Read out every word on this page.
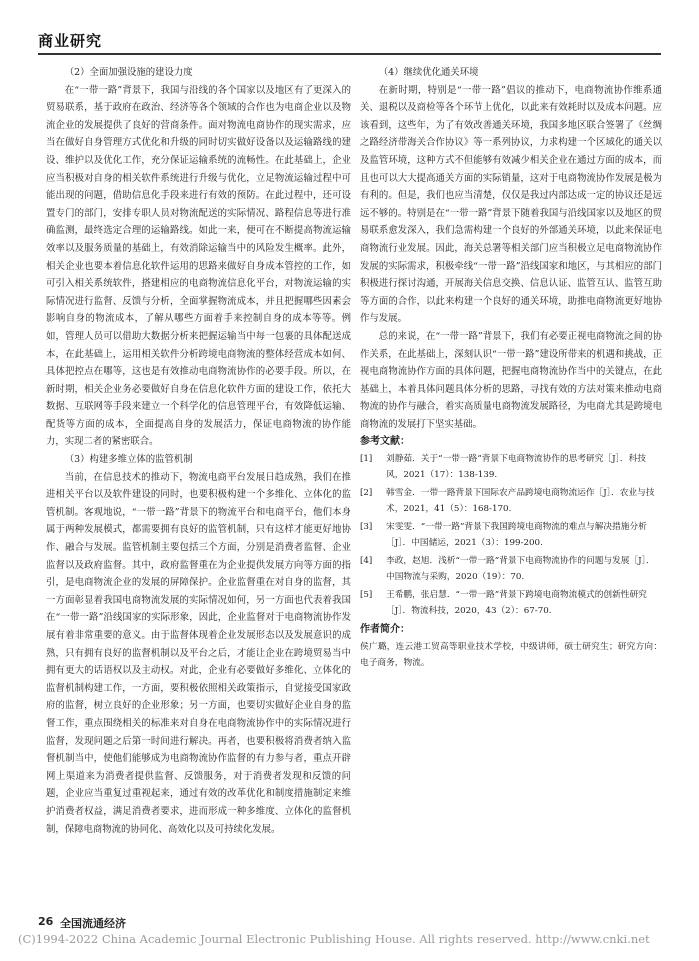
商业研究

（2）全面加强设施的建设力度

在“一带一路”背景下，我国与沿线的各个国家以及地区有了更深入的贸易联系，基于政府在政治、经济等各个领域的合作也为电商企业以及物流企业的发展提供了良好的营商条件。面对物流电商协作的现实需求，应当在做好自身管理方式优化和升级的同时切实做好设备以及运输路线的建设、维护以及优化工作，充分保证运输系统的流畅性。在此基础上，企业应当积极对自身的相关软件系统进行升级与优化，立足物流运输过程中可能出现的问题，借助信息化手段来进行有效的预防。在此过程中，还可设置专门的部门，安排专职人员对物流配送的实际情况、路程信息等进行准确监测，最终选定合理的运输路线。如此一来，便可在不断提高物流运输效率以及服务质量的基础上，有效消除运输当中的风险发生概率。此外，相关企业也要本着信息化软件运用的思路来做好自身成本管控的工作，如可引入相关系统软件，搭建相应的电商物流信息化平台，对物流运输的实际情况进行监督、反馈与分析，全面掌握物流成本，并且把握哪些因素会影响自身的物流成本，了解从哪些方面着手来控制自身的成本等等。例如，管理人员可以借助大数据分析来把握运输当中每一包裹的具体配送成本，在此基础上，运用相关软件分析跨境电商物流的整体经营成本如何、具体把控点在哪等，这也是有效推动电商物流协作的必要手段。所以，在新时期，相关企业务必要做好自身在信息化软件方面的建设工作，依托大数据、互联网等手段来建立一个科学化的信息管理平台，有效降低运输、配货等方面的成本，全面提高自身的发展活力，保证电商物流的协作能力，实现二者的紧密联合。

（3）构建多维立体的监管机制

当前，在信息技术的推动下，物流电商平台发展日趋成熟，我们在推进相关平台以及软件建设的同时，也要积极构建一个多维化、立体化的监管机制。客观地说，“一带一路”背景下的物流平台和电商平台，他们本身属于两种发展模式，都需要拥有良好的监管机制，只有这样才能更好地协作、融合与发展。监管机制主要包括三个方面，分别是消费者监督、企业监督以及政府监督。其中，政府监督重在为企业提供发展方向等方面的指引，是电商物流企业的发展的屏障保护。企业监督重在对自身的监督，其一方面彰显着我国电商物流发展的实际情况如何，另一方面也代表着我国在“一带一路”沿线国家的实际形象，因此，企业监督对于电商物流协作发展有着非常重要的意义。由于监督体现着企业发展形态以及发展意识的成熟，只有拥有良好的监督机制以及平台之后，才能让企业在跨境贸易当中拥有更大的话语权以及主动权。对此，企业有必要做好多维化、立体化的监督机制构建工作，一方面，要积极依照相关政策指示，自觉接受国家政府的监督，树立良好的企业形象；另一方面，也要切实做好企业自身的监督工作，重点围绕相关的标准来对自身在电商物流协作中的实际情况进行监督，发现问题之后第一时间进行解决。再者，也要积极将消费者纳入监督机制当中，使他们能够成为电商物流协作监督的有力参与者，重点开辟网上渠道来为消费者提供监督、反馈服务，对于消费者发现和反馈的问题，企业应当重复过重视起来，通过有效的改革优化和制度措施制定来维护消费者权益，满足消费者要求，进而形成一种多维度、立体化的监督机制，保障电商物流的协同化、高效化以及可持续化发展。

（4）继续优化通关环境

在新时期，特别是“一带一路”倡议的推动下，电商物流协作维系通关、退税以及商检等各个环节上优化，以此来有效耗时以及成本问题。应该看到，这些年，为了有效改善通关环境，我国多地区联合签署了《丝绸之路经济带海关合作协议》等一系列协议，力求构建一个区域化的通关以及监管环境，这种方式不但能够有效减少相关企业在通过方面的成本，而且也可以大大提高通关方面的实际销量，这对于电商物流协作发展是极为有利的。但是，我们也应当清楚，仅仅是我过内部达成一定的协议还是远远不够的。特别是在“一带一路”背景下随着我国与沿线国家以及地区的贸易联系愈发深入，我们急需构建一个良好的外部通关环境，以此来保证电商物流行业发展。因此，海关总署等相关部门应当积极立足电商物流协作发展的实际需求，积极牵线“一带一路”沿线国家和地区，与其相应的部门积极进行探讨沟通，开展海关信息交换、信息认证、监管互认、监管互助等方面的合作，以此来构建一个良好的通关环境，助推电商物流更好地协作与发展。

总的来说，在“一带一路”背景下，我们有必要正视电商物流之间的协作关系，在此基础上，深刻认识“一带一路”建设所带来的机遇和挑战，正视电商物流协作方面的具体问题，把握电商物流协作当中的关键点，在此基础上，本着具体问题具体分析的思路，寻找有效的方法对策来推动电商物流的协作与融合，着实高质量电商物流发展路径，为电商尤其是跨境电商物流的发展打下坚实基础。

参考文献：

[1]	刘静茹．关于“一带一路”背景下电商物流协作的思考研究［J］．科技风，2021（17）：138-139.
[2]	韩雪金．一带一路背景下国际农产品跨境电商物流运作［J］．农业与技术，2021，41（5）：168-170.
[3]	宋雯雯．“一带一路”背景下我国跨境电商物流的难点与解决措施分析［J］．中国储运，2021（3）：199-200.
[4]	李政，赵旭．浅析“一带一路”背景下电商物流协作的问题与发展［J］．中国物流与采购，2020（19）：70.
[5]	王希鹏，张启慧．“一带一路”背景下跨境电商物流模式的创新性研究［J］．物流科技，2020，43（2）：67-70.

作者简介：

侯广璐，连云港工贸高等职业技术学校，中级讲师，硕士研究生；研究方向：电子商务，物流。

26 全国流通经济
(C)1994-2022 China Academic Journal Electronic Publishing House. All rights reserved. http://www.cnki.net
